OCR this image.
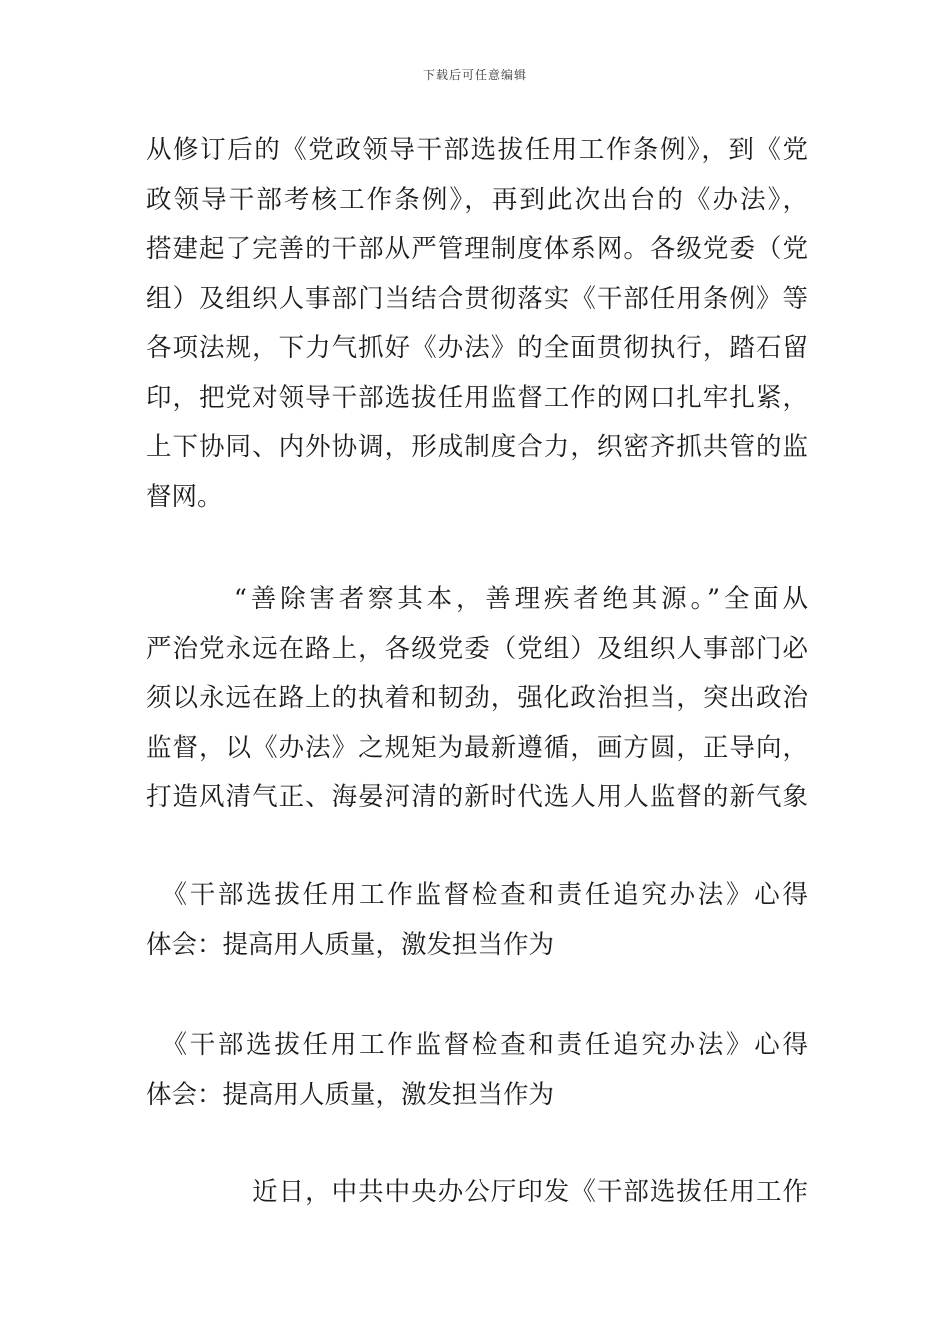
下载后可任意编辑
从修订后的《党政领导干部选拔任用工作条例》，到《党
政领导干部考核工作条例》，再到此次出台的《办法》，
搭建起了完善的干部从严管理制度体系网。各级党委（党
组）及组织人事部门当结合贯彻落实《干部任用条例》等
各项法规，下力气抓好《办法》的全面贯彻执行，踏石留
印，把党对领导干部选拔任用监督工作的网口扎牢扎紧，
上下协同、内外协调，形成制度合力，织密齐抓共管的监
督网。
　　　“善除害者察其本，善理疾者绝其源。”全面从
严治党永远在路上，各级党委（党组）及组织人事部门必
须以永远在路上的执着和韧劲，强化政治担当，突出政治
监督，以《办法》之规矩为最新遵循，画方圆，正导向，
打造风清气正、海晏河清的新时代选人用人监督的新气象
　《干部选拔任用工作监督检查和责任追究办法》心得
体会：提高用人质量，激发担当作为
　《干部选拔任用工作监督检查和责任追究办法》心得
体会：提高用人质量，激发担当作为
　　　　近日，中共中央办公厅印发《干部选拔任用工作
